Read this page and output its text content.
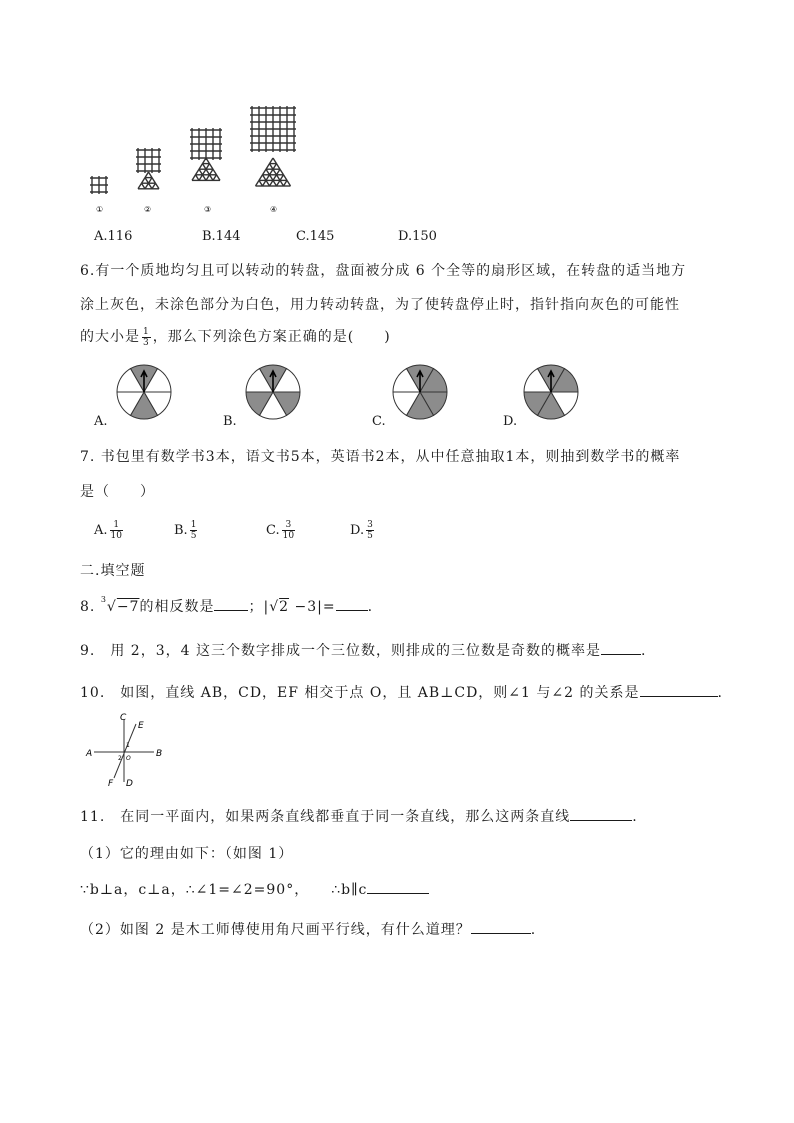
①	②	③	④
A.116	B.144	C.145	D.150
6.有一个质地均匀且可以转动的转盘，盘面被分成 6 个全等的扇形区域，在转盘的适当地方
涂上灰色，未涂色部分为白色，用力转动转盘，为了使转盘停止时，指针指向灰色的可能性
的大小是 $\frac{1}{3}$ ，那么下列涂色方案正确的是(　　)
A.	B.	C.	D.
7. 书包里有数学书3本，语文书5本，英语书2本，从中任意抽取1本，则抽到数学书的概率
是（　　）
A. $\frac{1}{10}$	B. $\frac{1}{5}$	C. $\frac{3}{10}$	D. $\frac{3}{5}$
二.填空题
8. $^3$√−7的相反数是 ；|√2 −3|= .
9.　用 2，3，4 这三个数字排成一个三位数，则排成的三位数是奇数的概率是	.
10.　如图，直线 AB，CD，EF 相交于点 O，且 AB⊥CD，则∠1 与∠2 的关系是	.
C
E
A	B
F D
O
1
2
11.　在同一平面内，如果两条直线都垂直于同一条直线，那么这两条直线	.
（1）它的理由如下：（如图 1）
∵b⊥a，c⊥a，∴∠1=∠2=90°， ∴b∥c
（2）如图 2 是木工师傅使用角尺画平行线，有什么道理？	.
